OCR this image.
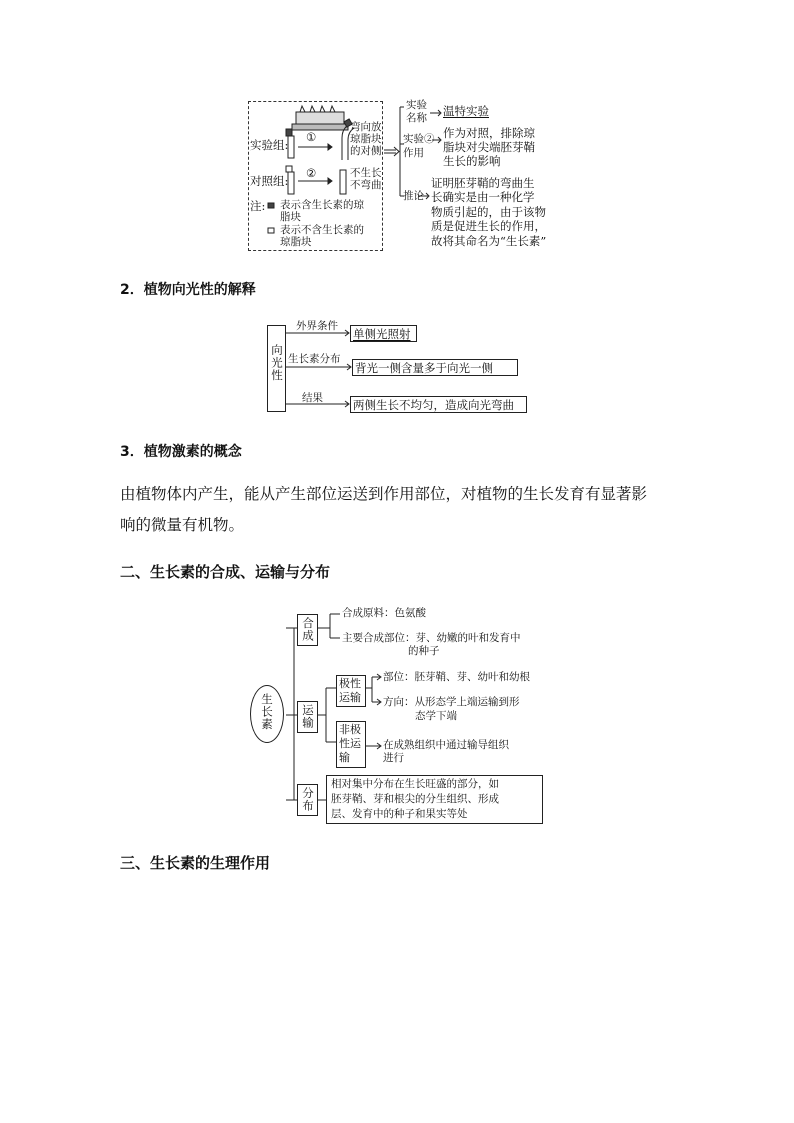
实验组:
对照组:
①
②
弯向放
琼脂块
的对侧
不生长
不弯曲
注: 表示含生长素的琼
脂块
表示不含生长素的
琼脂块
实验
名称 温特实验
实验②
作用
作为对照，排除琼
脂块对尖端胚芽鞘
生长的影响
推论
证明胚芽鞘的弯曲生
长确实是由一种化学
物质引起的，由于该物
质是促进生长的作用，
故将其命名为“生长素”
2．植物向光性的解释
向光性
外界条件
单侧光照射
生长素分布
背光一侧含量多于向光一侧
结果	两侧生长不均匀，造成向光弯曲
3．植物激素的概念
由植物体内产生，能从产生部位运送到作用部位，对植物的生长发育有显著影
响的微量有机物。
二、生长素的合成、运输与分布
生长素
合成
合成原料：色氨酸
主要合成部位：芽、幼嫩的叶和发育中
的种子
运输
极性运输
部位：胚芽鞘、芽、幼叶和幼根
方向：从形态学上端运输到形
态学下端
非极性运输
在成熟组织中通过输导组织
进行
分布
相对集中分布在生长旺盛的部分，如
胚芽鞘、芽和根尖的分生组织、形成
层、发育中的种子和果实等处
三、生长素的生理作用
